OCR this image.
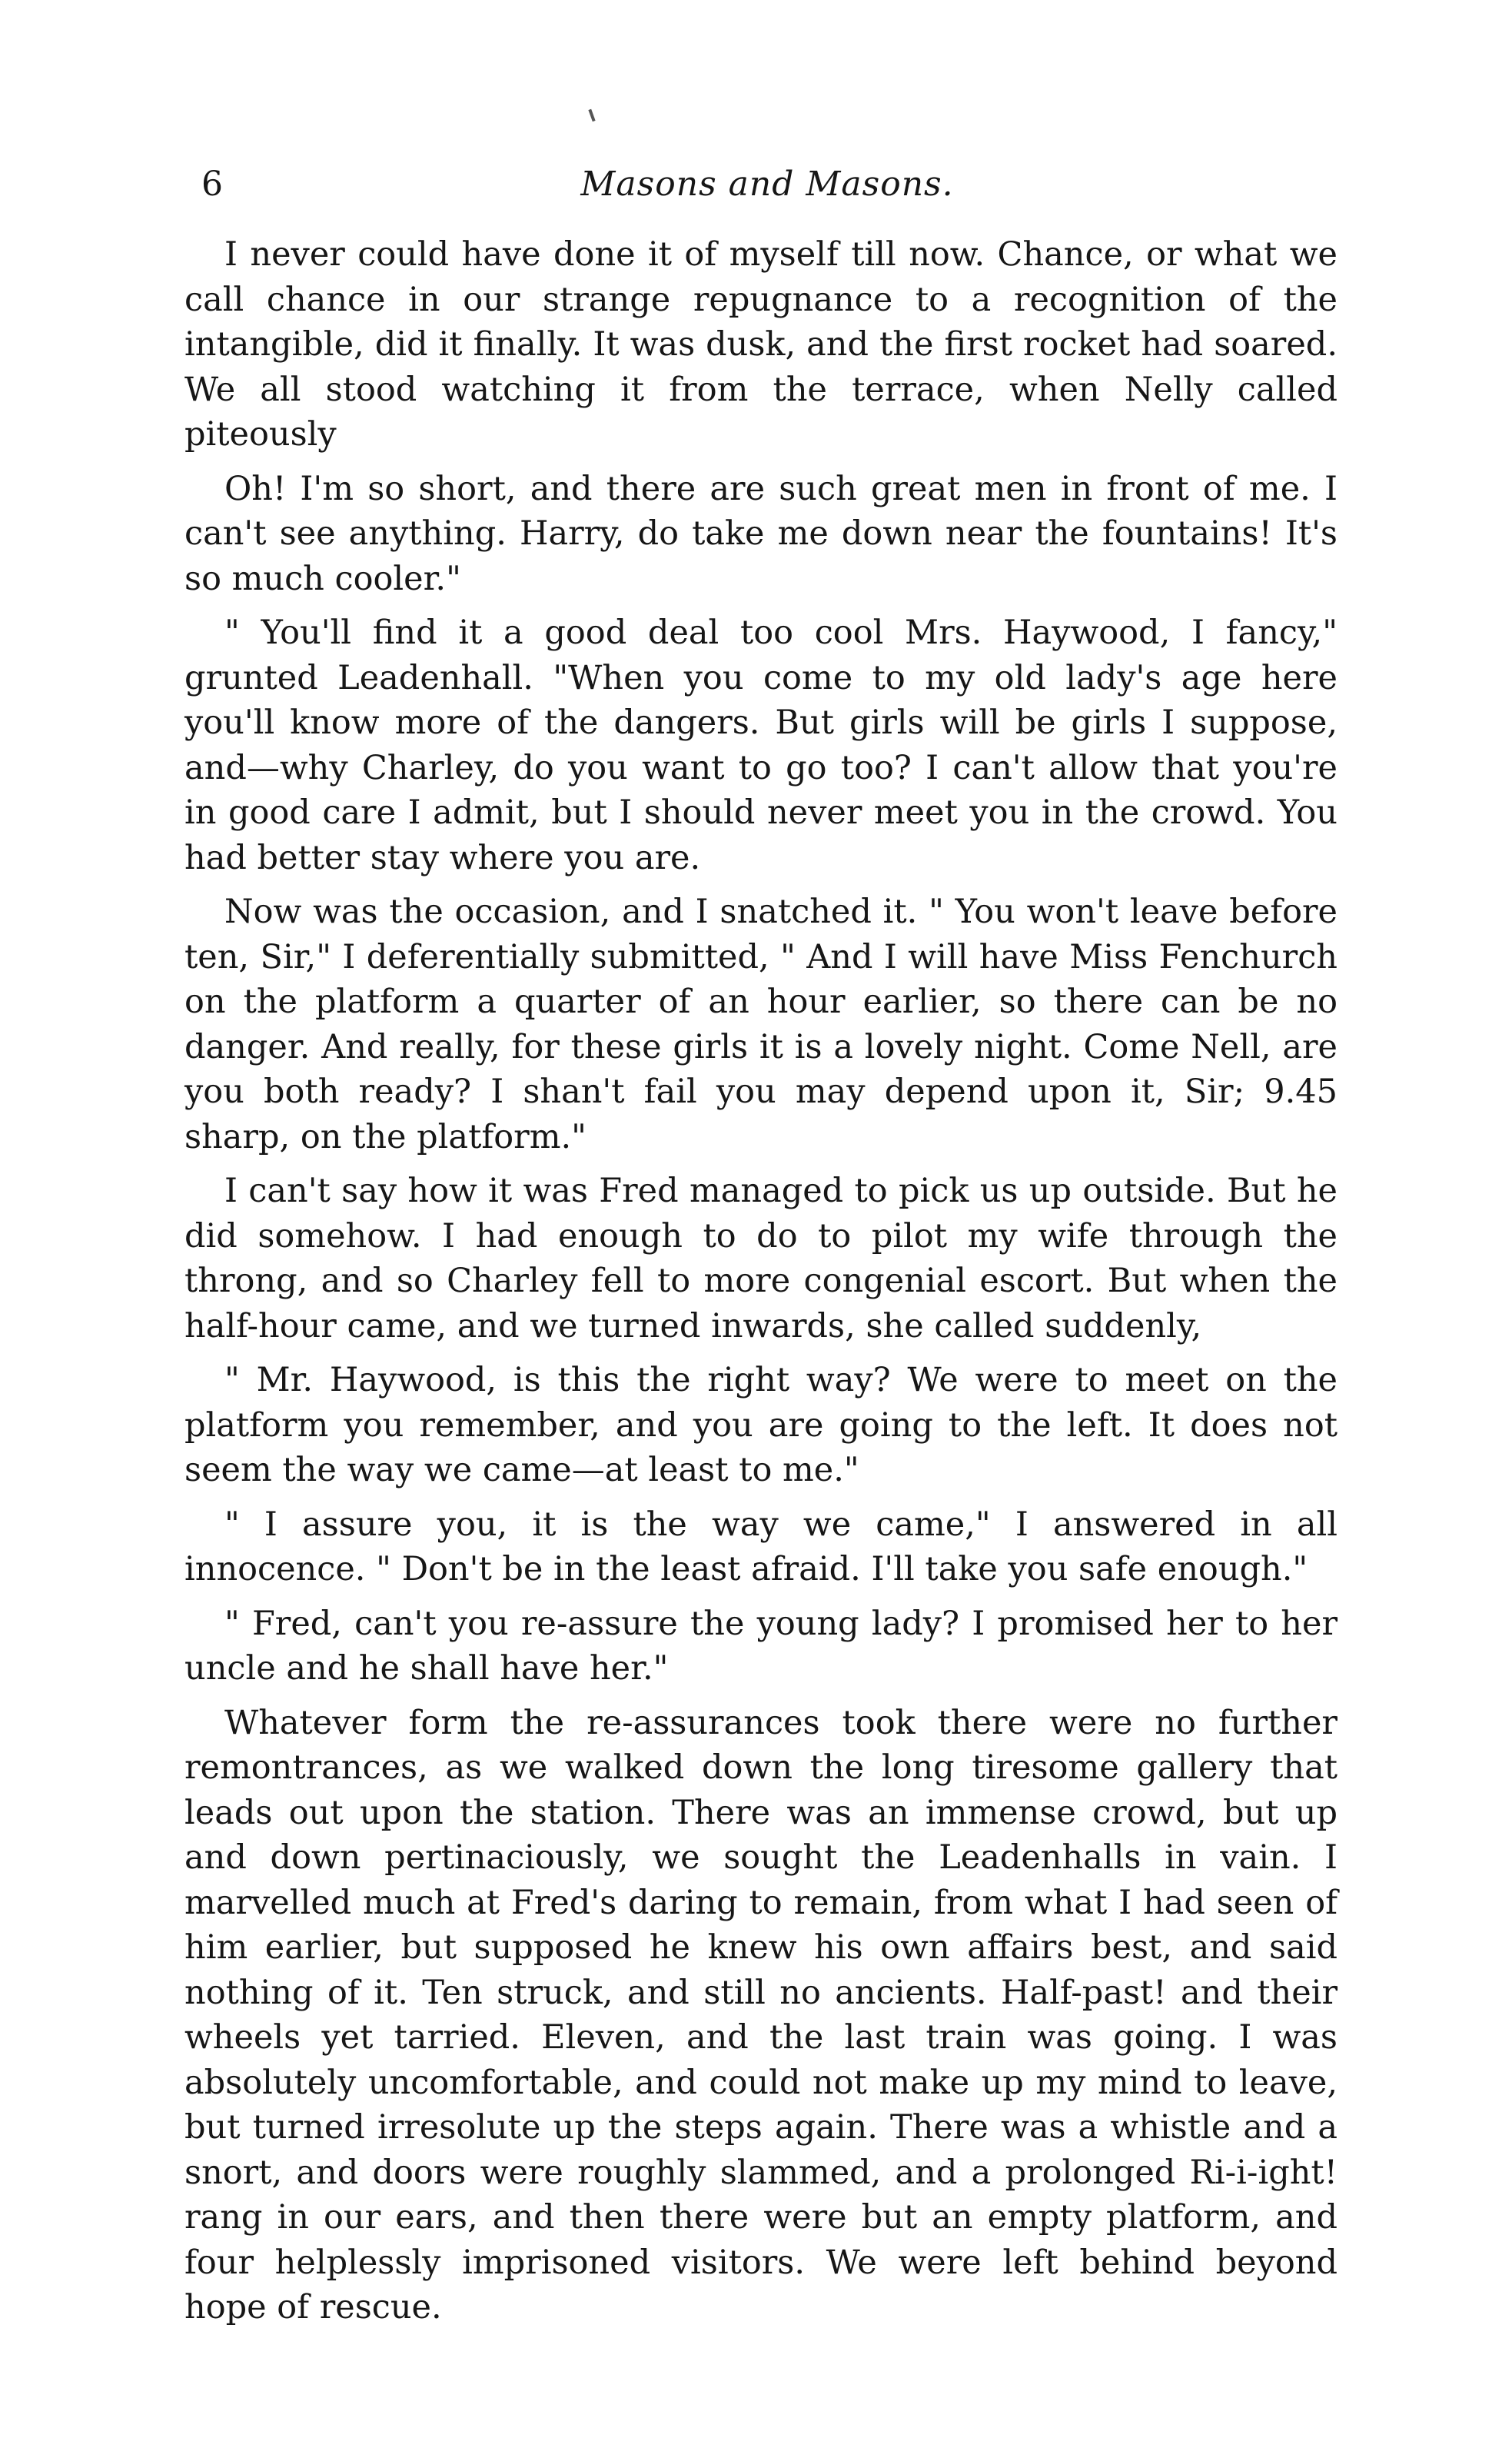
6	Masons and Masons.

I never could have done it of myself till now. Chance, or what we call chance in our strange repugnance to a recognition of the intangible, did it finally. It was dusk, and the first rocket had soared. We all stood watching it from the terrace, when Nelly called piteously

Oh! I'm so short, and there are such great men in front of me. I can't see anything. Harry, do take me down near the fountains! It's so much cooler."

" You'll find it a good deal too cool Mrs. Haywood, I fancy," grunted Leadenhall. "When you come to my old lady's age here you'll know more of the dangers. But girls will be girls I suppose, and—why Charley, do you want to go too? I can't allow that you're in good care I admit, but I should never meet you in the crowd. You had better stay where you are.

Now was the occasion, and I snatched it. " You won't leave before ten, Sir," I deferentially submitted, " And I will have Miss Fenchurch on the platform a quarter of an hour earlier, so there can be no danger. And really, for these girls it is a lovely night. Come Nell, are you both ready? I shan't fail you may depend upon it, Sir; 9.45 sharp, on the platform."

I can't say how it was Fred managed to pick us up outside. But he did somehow. I had enough to do to pilot my wife through the throng, and so Charley fell to more congenial escort. But when the half-hour came, and we turned inwards, she called suddenly,

" Mr. Haywood, is this the right way? We were to meet on the platform you remember, and you are going to the left. It does not seem the way we came—at least to me."

" I assure you, it is the way we came," I answered in all innocence. " Don't be in the least afraid. I'll take you safe enough."

" Fred, can't you re-assure the young lady? I promised her to her uncle and he shall have her."

Whatever form the re-assurances took there were no further remontrances, as we walked down the long tiresome gallery that leads out upon the station. There was an immense crowd, but up and down pertinaciously, we sought the Leadenhalls in vain. I marvelled much at Fred's daring to remain, from what I had seen of him earlier, but supposed he knew his own affairs best, and said nothing of it. Ten struck, and still no ancients. Half-past! and their wheels yet tarried. Eleven, and the last train was going. I was absolutely uncomfortable, and could not make up my mind to leave, but turned irresolute up the steps again. There was a whistle and a snort, and doors were roughly slammed, and a prolonged Ri-i-ight! rang in our ears, and then there were but an empty platform, and four helplessly imprisoned visitors. We were left behind beyond hope of rescue.
